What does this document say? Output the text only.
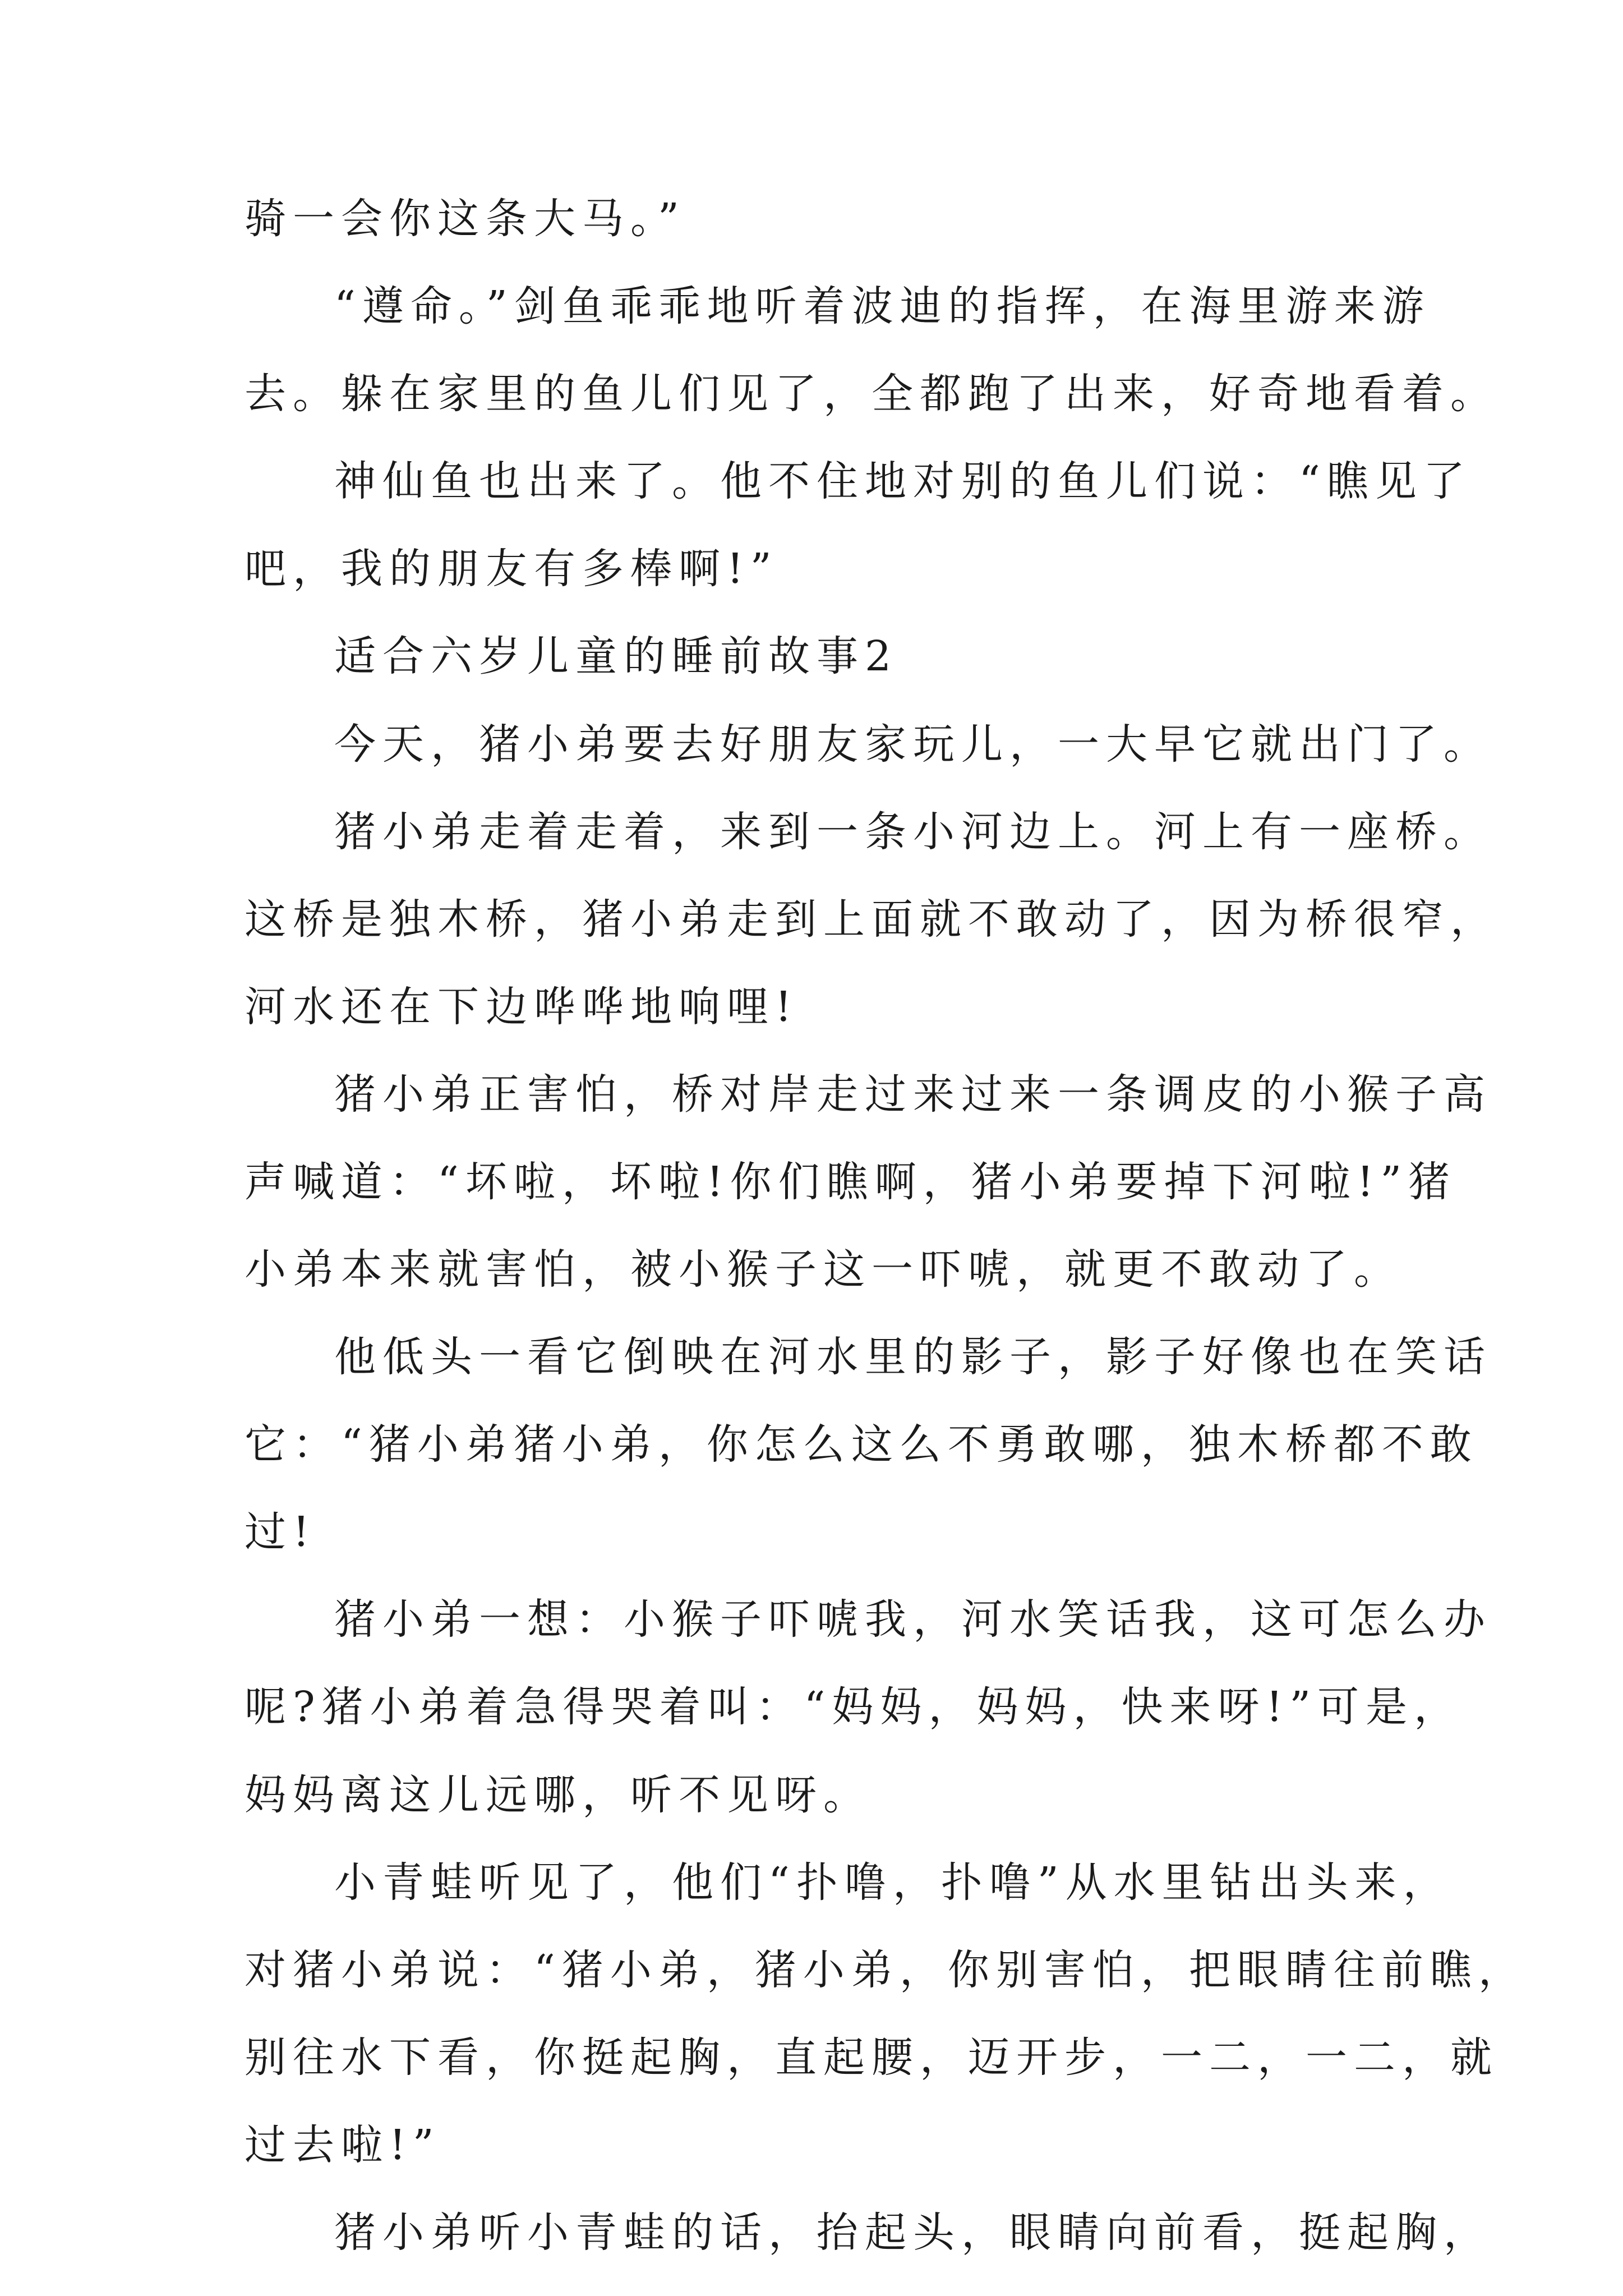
骑一会你这条大马。”
“遵命。”剑鱼乖乖地听着波迪的指挥，在海里游来游
去。躲在家里的鱼儿们见了，全都跑了出来，好奇地看着。
神仙鱼也出来了。他不住地对别的鱼儿们说：“瞧见了
吧，我的朋友有多棒啊!”
适合六岁儿童的睡前故事2
今天，猪小弟要去好朋友家玩儿，一大早它就出门了。
猪小弟走着走着，来到一条小河边上。河上有一座桥。
这桥是独木桥，猪小弟走到上面就不敢动了，因为桥很窄，
河水还在下边哗哗地响哩!
猪小弟正害怕，桥对岸走过来过来一条调皮的小猴子高
声喊道：“坏啦，坏啦!你们瞧啊，猪小弟要掉下河啦!”猪
小弟本来就害怕，被小猴子这一吓唬，就更不敢动了。
他低头一看它倒映在河水里的影子，影子好像也在笑话
它：“猪小弟猪小弟，你怎么这么不勇敢哪，独木桥都不敢
过!
猪小弟一想：小猴子吓唬我，河水笑话我，这可怎么办
呢?猪小弟着急得哭着叫：“妈妈，妈妈，快来呀!”可是，
妈妈离这儿远哪，听不见呀。
小青蛙听见了，他们“扑噜，扑噜”从水里钻出头来，
对猪小弟说：“猪小弟，猪小弟，你别害怕，把眼睛往前瞧，
别往水下看，你挺起胸，直起腰，迈开步，一二，一二，就
过去啦!”
猪小弟听小青蛙的话，抬起头，眼睛向前看，挺起胸，
